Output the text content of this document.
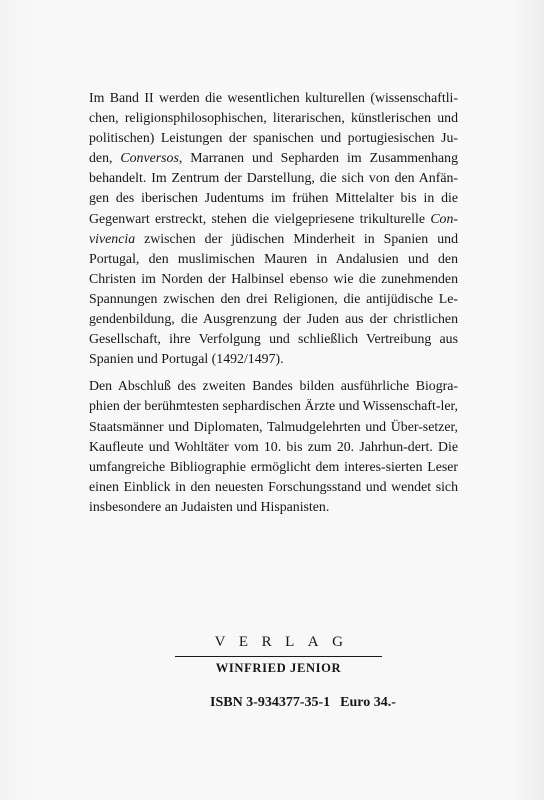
Im Band II werden die wesentlichen kulturellen (wissenschaftli-chen, religionsphilosophischen, literarischen, künstlerischen und politischen) Leistungen der spanischen und portugiesischen Ju-den, Conversos, Marranen und Sepharden im Zusammenhang behandelt. Im Zentrum der Darstellung, die sich von den Anfän-gen des iberischen Judentums im frühen Mittelalter bis in die Gegenwart erstreckt, stehen die vielgepriesene trikulturelle Con-vivencia zwischen der jüdischen Minderheit in Spanien und Portugal, den muslimischen Mauren in Andalusien und den Christen im Norden der Halbinsel ebenso wie die zunehmenden Spannungen zwischen den drei Religionen, die antijüdische Le-gendenbildung, die Ausgrenzung der Juden aus der christlichen Gesellschaft, ihre Verfolgung und schließlich Vertreibung aus Spanien und Portugal (1492/1497).

Den Abschluß des zweiten Bandes bilden ausführliche Biogra-phien der berühmtesten sephardischen Ärzte und Wissenschaft-ler, Staatsmänner und Diplomaten, Talmudgelehrten und Über-setzer, Kaufleute und Wohltäter vom 10. bis zum 20. Jahrhun-dert. Die umfangreiche Bibliographie ermöglicht dem interes-sierten Leser einen Einblick in den neuesten Forschungsstand und wendet sich insbesondere an Judaisten und Hispanisten.

VERLAG
WINFRIED JENIOR
ISBN 3-934377-35-1 Euro 34.-
